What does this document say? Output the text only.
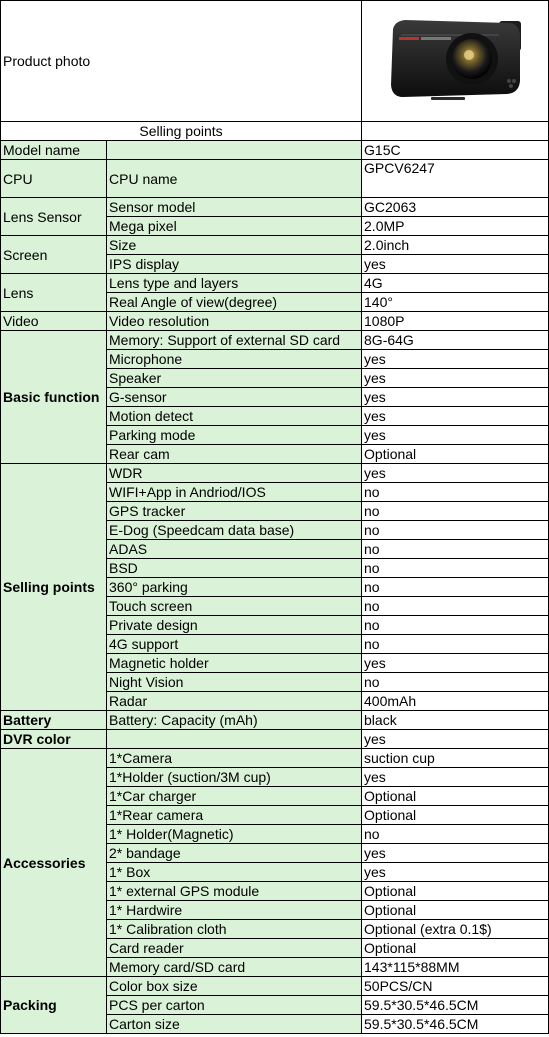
Product photo	

Selling points		
Model name		G15C
CPU	CPU name	GPCV6247
Lens Sensor	Sensor model	GC2063
	Mega pixel	2.0MP
Screen	Size	2.0inch
	IPS display	yes
Lens	Lens type and layers	4G
	Real Angle of view(degree)	140°
Video	Video resolution	1080P
Basic function	Memory: Support of external SD card	8G-64G
	Microphone	yes
	Speaker	yes
	G-sensor	yes
	Motion detect	yes
	Parking mode	yes
	Rear cam	Optional
Selling points	WDR	yes
	WIFI+App in Andriod/IOS	no
	GPS tracker	no
	E-Dog (Speedcam data base)	no
	ADAS	no
	BSD	no
	360° parking	no
	Touch screen	no
	Private design	no
	4G support	no
	Magnetic holder	yes
	Night Vision	no
	Radar	400mAh
Battery	Battery: Capacity (mAh)	black
DVR color		yes
Accessories	1*Camera	suction cup
	1*Holder (suction/3M cup)	yes
	1*Car charger	Optional
	1*Rear camera	Optional
	1* Holder(Magnetic)	no
	2* bandage	yes
	1* Box	yes
	1* external GPS module	Optional
	1* Hardwire	Optional
	1* Calibration cloth	Optional (extra 0.1$)
	Card reader	Optional
	Memory card/SD card	143*115*88MM
Packing	Color box size	50PCS/CN
	PCS per carton	59.5*30.5*46.5CM
	Carton size	59.5*30.5*46.5CM
